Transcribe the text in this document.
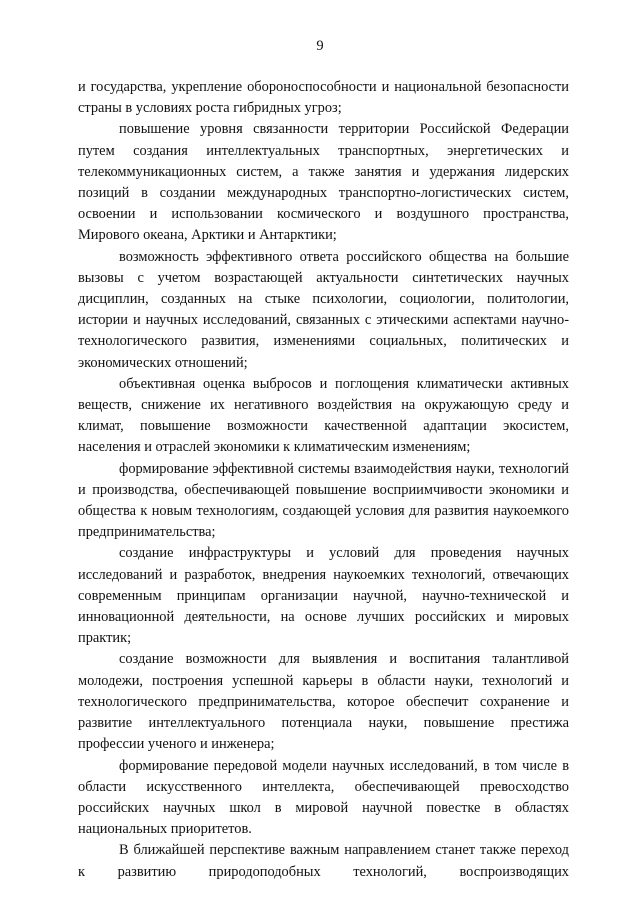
9

и государства, укрепление обороноспособности и национальной безопасности страны в условиях роста гибридных угроз;

повышение уровня связанности территории Российской Федерации путем создания интеллектуальных транспортных, энергетических и телекоммуникационных систем, а также занятия и удержания лидерских позиций в создании международных транспортно-логистических систем, освоении и использовании космического и воздушного пространства, Мирового океана, Арктики и Антарктики;

возможность эффективного ответа российского общества на большие вызовы с учетом возрастающей актуальности синтетических научных дисциплин, созданных на стыке психологии, социологии, политологии, истории и научных исследований, связанных с этическими аспектами научно-технологического развития, изменениями социальных, политических и экономических отношений;

объективная оценка выбросов и поглощения климатически активных веществ, снижение их негативного воздействия на окружающую среду и климат, повышение возможности качественной адаптации экосистем, населения и отраслей экономики к климатическим изменениям;

формирование эффективной системы взаимодействия науки, технологий и производства, обеспечивающей повышение восприимчивости экономики и общества к новым технологиям, создающей условия для развития наукоемкого предпринимательства;

создание инфраструктуры и условий для проведения научных исследований и разработок, внедрения наукоемких технологий, отвечающих современным принципам организации научной, научно-технической и инновационной деятельности, на основе лучших российских и мировых практик;

создание возможности для выявления и воспитания талантливой молодежи, построения успешной карьеры в области науки, технологий и технологического предпринимательства, которое обеспечит сохранение и развитие интеллектуального потенциала науки, повышение престижа профессии ученого и инженера;

формирование передовой модели научных исследований, в том числе в области искусственного интеллекта, обеспечивающей превосходство российских научных школ в мировой научной повестке в областях национальных приоритетов.

В ближайшей перспективе важным направлением станет также переход к развитию природоподобных технологий, воспроизводящих
